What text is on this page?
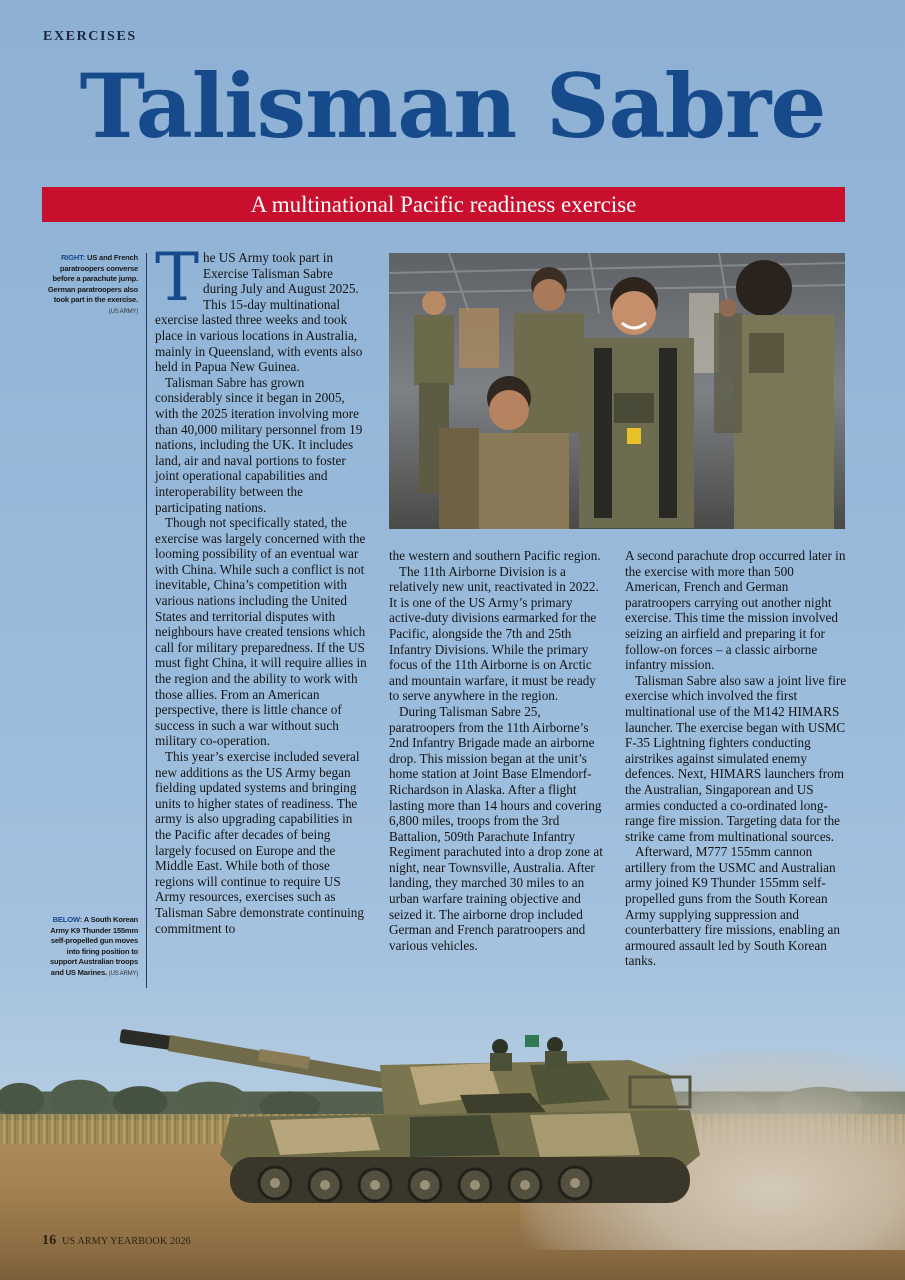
EXERCISES
Talisman Sabre
A multinational Pacific readiness exercise
RIGHT: US and French paratroopers converse before a parachute jump. German paratroopers also took part in the exercise.
(US ARMY)
BELOW: A South Korean Army K9 Thunder 155mm self-propelled gun moves into firing position to support Australian troops and US Marines. (US ARMY)

The US Army took part in Exercise Talisman Sabre during July and August 2025. This 15-day multinational exercise lasted three weeks and took place in various locations in Australia, mainly in Queensland, with events also held in Papua New Guinea.

Talisman Sabre has grown considerably since it began in 2005, with the 2025 iteration involving more than 40,000 military personnel from 19 nations, including the UK. It includes land, air and naval portions to foster joint operational capabilities and interoperability between the participating nations.

Though not specifically stated, the exercise was largely concerned with the looming possibility of an eventual war with China. While such a conflict is not inevitable, China’s competition with various nations including the United States and territorial disputes with neighbours have created tensions which call for military preparedness. If the US must fight China, it will require allies in the region and the ability to work with those allies. From an American perspective, there is little chance of success in such a war without such military co-operation.

This year’s exercise included several new additions as the US Army began fielding updated systems and bringing units to higher states of readiness. The army is also upgrading capabilities in the Pacific after decades of being largely focused on Europe and the Middle East. While both of those regions will continue to require US Army resources, exercises such as Talisman Sabre demonstrate continuing commitment to

the western and southern Pacific region.

The 11th Airborne Division is a relatively new unit, reactivated in 2022. It is one of the US Army’s primary active-duty divisions earmarked for the Pacific, alongside the 7th and 25th Infantry Divisions. While the primary focus of the 11th Airborne is on Arctic and mountain warfare, it must be ready to serve anywhere in the region.

During Talisman Sabre 25, paratroopers from the 11th Airborne’s 2nd Infantry Brigade made an airborne drop. This mission began at the unit’s home station at Joint Base Elmendorf-Richardson in Alaska. After a flight lasting more than 14 hours and covering 6,800 miles, troops from the 3rd Battalion, 509th Parachute Infantry Regiment parachuted into a drop zone at night, near Townsville, Australia. After landing, they marched 30 miles to an urban warfare training objective and seized it. The airborne drop included German and French paratroopers and various vehicles.

A second parachute drop occurred later in the exercise with more than 500 American, French and German paratroopers carrying out another night exercise. This time the mission involved seizing an airfield and preparing it for follow-on forces – a classic airborne infantry mission.

Talisman Sabre also saw a joint live fire exercise which involved the first multinational use of the M142 HIMARS launcher. The exercise began with USMC F-35 Lightning fighters conducting airstrikes against simulated enemy defences. Next, HIMARS launchers from the Australian, Singaporean and US armies conducted a co-ordinated long-range fire mission. Targeting data for the strike came from multinational sources.

Afterward, M777 155mm cannon artillery from the USMC and Australian army joined K9 Thunder 155mm self-propelled guns from the South Korean Army supplying suppression and counterbattery fire missions, enabling an armoured assault led by South Korean tanks.

16 US ARMY YEARBOOK 2026
